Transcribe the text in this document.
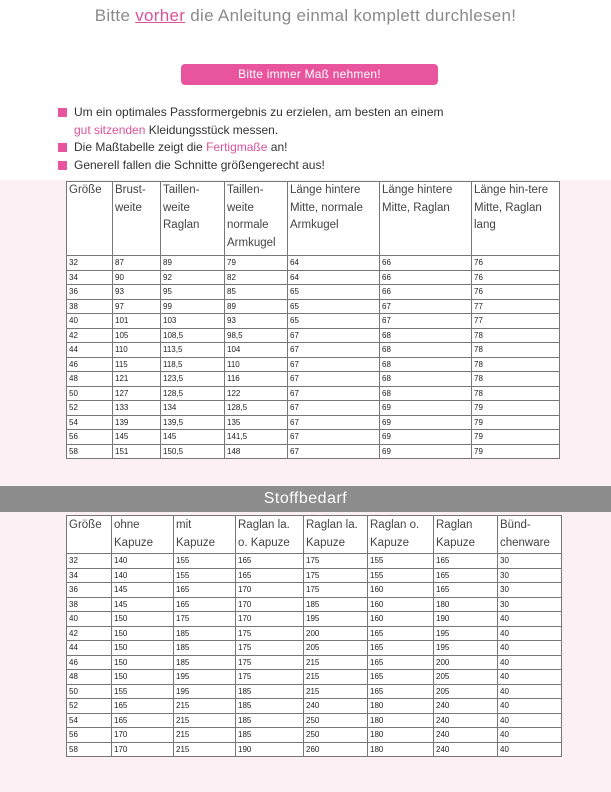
Bitte vorher die Anleitung einmal komplett durchlesen!
Bitte immer Maß nehmen!
Um ein optimales Passformergebnis zu erzielen, am besten an einem
gut sitzenden Kleidungsstück messen.
Die Maßtabelle zeigt die Fertigmaße an!
Generell fallen die Schnitte größengerecht aus!
Größe	Brust-weite	Taillen-weite Raglan	Taillen-weite normale Armkugel	Länge hintere Mitte, normale Armkugel	Länge hintere Mitte, Raglan	Länge hin-tere Mitte, Raglan lang
32	87	89	79	64	66	76
34	90	92	82	64	66	76
36	93	95	85	65	66	76
38	97	99	89	65	67	77
40	101	103	93	65	67	77
42	105	108,5	98,5	67	68	78
44	110	113,5	104	67	68	78
46	115	118,5	110	67	68	78
48	121	123,5	116	67	68	78
50	127	128,5	122	67	68	78
52	133	134	128,5	67	69	79
54	139	139,5	135	67	69	79
56	145	145	141,5	67	69	79
58	151	150,5	148	67	69	79
Stoffbedarf
Größe	ohne Kapuze	mit Kapuze	Raglan la. o. Kapuze	Raglan la. Kapuze	Raglan o. Kapuze	Raglan Kapuze	Bünd-chenware
32	140	155	165	175	155	165	30
34	140	155	165	175	155	165	30
36	145	165	170	175	160	165	30
38	145	165	170	185	160	180	30
40	150	175	170	195	160	190	40
42	150	185	175	200	165	195	40
44	150	185	175	205	165	195	40
46	150	185	175	215	165	200	40
48	150	195	175	215	165	205	40
50	155	195	185	215	165	205	40
52	165	215	185	240	180	240	40
54	165	215	185	250	180	240	40
56	170	215	185	250	180	240	40
58	170	215	190	260	180	240	40
